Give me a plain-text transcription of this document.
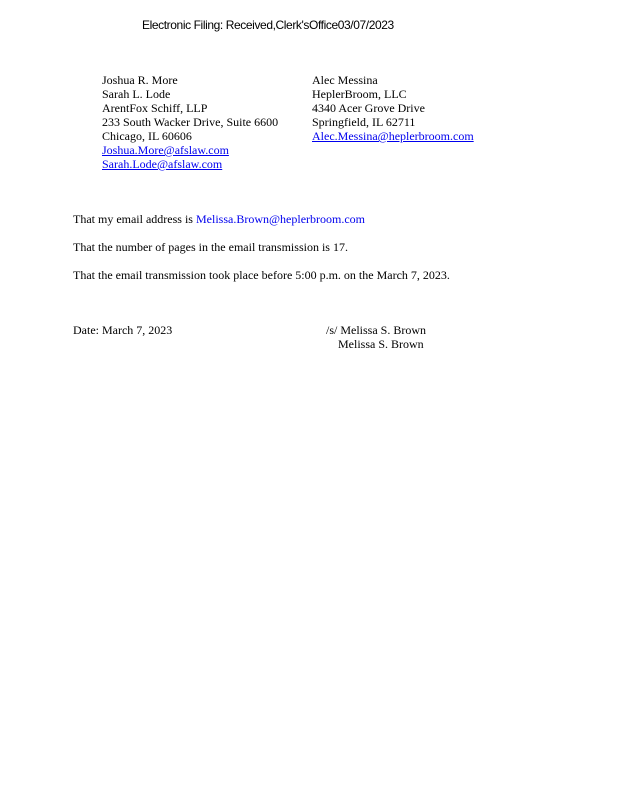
Electronic Filing: Received,Clerk'sOffice03/07/2023
Joshua R. More
Sarah L. Lode
ArentFox Schiff, LLP
233 South Wacker Drive, Suite 6600
Chicago, IL 60606
Joshua.More@afslaw.com
Sarah.Lode@afslaw.com
Alec Messina
HeplerBroom, LLC
4340 Acer Grove Drive
Springfield, IL 62711
Alec.Messina@heplerbroom.com
That my email address is Melissa.Brown@heplerbroom.com
That the number of pages in the email transmission is 17.
That the email transmission took place before 5:00 p.m. on the March 7, 2023.
Date: March 7, 2023	/s/ Melissa S. Brown
Melissa S. Brown
